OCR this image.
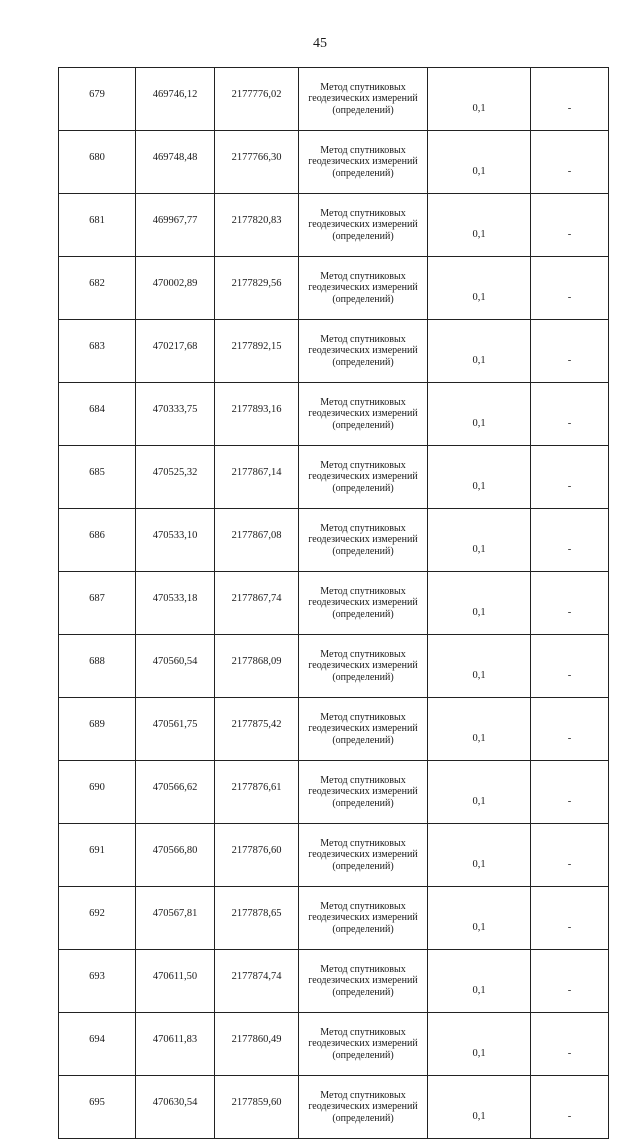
45
679	469746,12	2177776,02	Метод спутниковых геодезических измерений (определений)	0,1	-
680	469748,48	2177766,30	Метод спутниковых геодезических измерений (определений)	0,1	-
681	469967,77	2177820,83	Метод спутниковых геодезических измерений (определений)	0,1	-
682	470002,89	2177829,56	Метод спутниковых геодезических измерений (определений)	0,1	-
683	470217,68	2177892,15	Метод спутниковых геодезических измерений (определений)	0,1	-
684	470333,75	2177893,16	Метод спутниковых геодезических измерений (определений)	0,1	-
685	470525,32	2177867,14	Метод спутниковых геодезических измерений (определений)	0,1	-
686	470533,10	2177867,08	Метод спутниковых геодезических измерений (определений)	0,1	-
687	470533,18	2177867,74	Метод спутниковых геодезических измерений (определений)	0,1	-
688	470560,54	2177868,09	Метод спутниковых геодезических измерений (определений)	0,1	-
689	470561,75	2177875,42	Метод спутниковых геодезических измерений (определений)	0,1	-
690	470566,62	2177876,61	Метод спутниковых геодезических измерений (определений)	0,1	-
691	470566,80	2177876,60	Метод спутниковых геодезических измерений (определений)	0,1	-
692	470567,81	2177878,65	Метод спутниковых геодезических измерений (определений)	0,1	-
693	470611,50	2177874,74	Метод спутниковых геодезических измерений (определений)	0,1	-
694	470611,83	2177860,49	Метод спутниковых геодезических измерений (определений)	0,1	-
695	470630,54	2177859,60	Метод спутниковых геодезических измерений (определений)	0,1	-
